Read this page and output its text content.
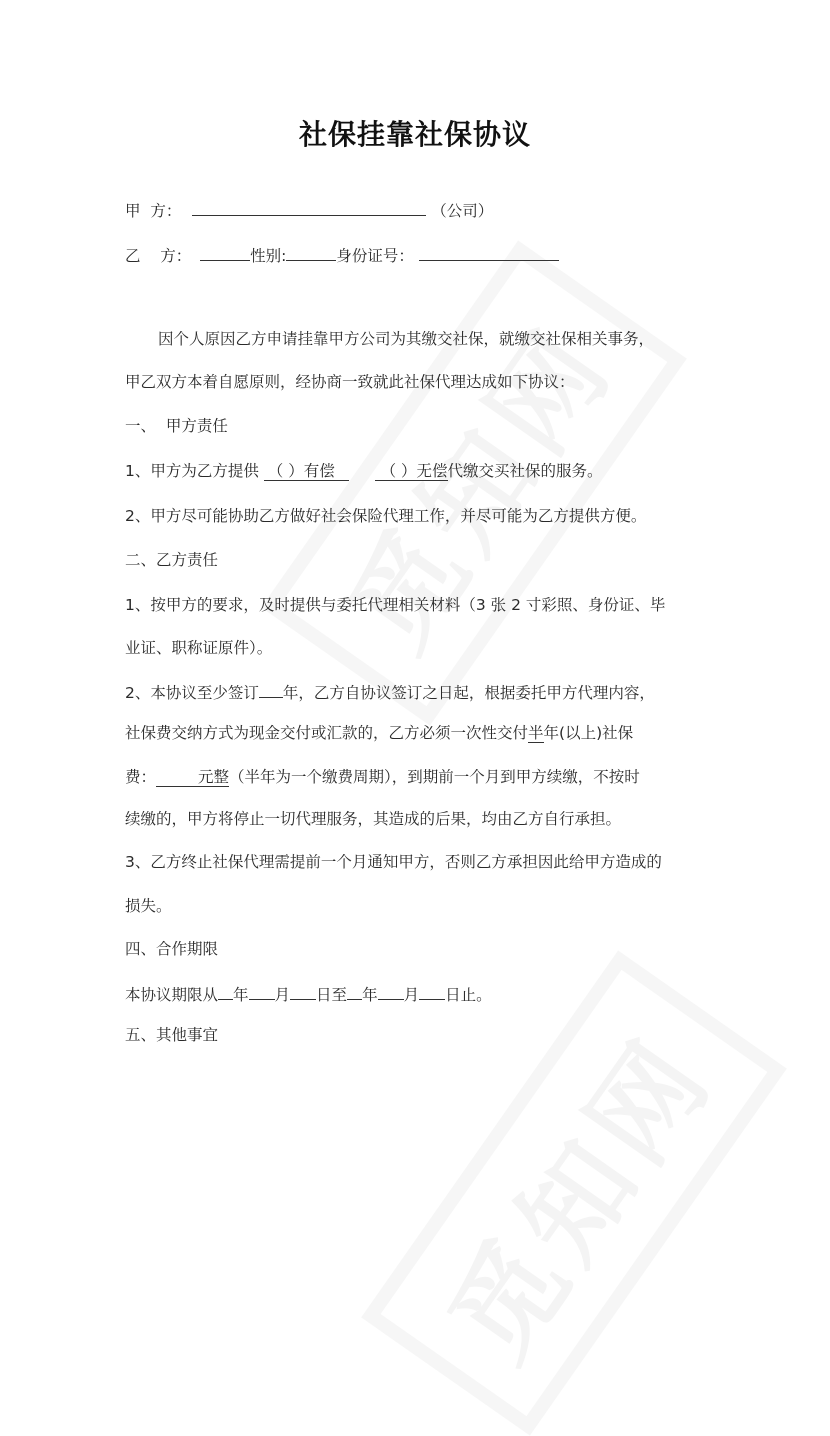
社保挂靠社保协议
甲  方：	（公司）
乙    方：	性别:	身份证号：
因个人原因乙方申请挂靠甲方公司为其缴交社保，就缴交社保相关事务，
甲乙双方本着自愿原则，经协商一致就此社保代理达成如下协议：
一、  甲方责任
1、甲方为乙方提供 （ ）有偿  （ ）无偿代缴交买社保的服务。
2、甲方尽可能协助乙方做好社会保险代理工作，并尽可能为乙方提供方便。
二、乙方责任
1、按甲方的要求，及时提供与委托代理相关材料（3 张 2 寸彩照、身份证、毕
业证、职称证原件）。
2、本协议至少签订 年，乙方自协议签订之日起，根据委托甲方代理内容，
社保费交纳方式为现金交付或汇款的，乙方必须一次性交付半年(以上)社保
费：	元整（半年为一个缴费周期），到期前一个月到甲方续缴，不按时
续缴的，甲方将停止一切代理服务，其造成的后果，均由乙方自行承担。
3、乙方终止社保代理需提前一个月通知甲方，否则乙方承担因此给甲方造成的
损失。
四、合作期限
本协议期限从 年 月 日至 年 月 日止。
五、其他事宜
